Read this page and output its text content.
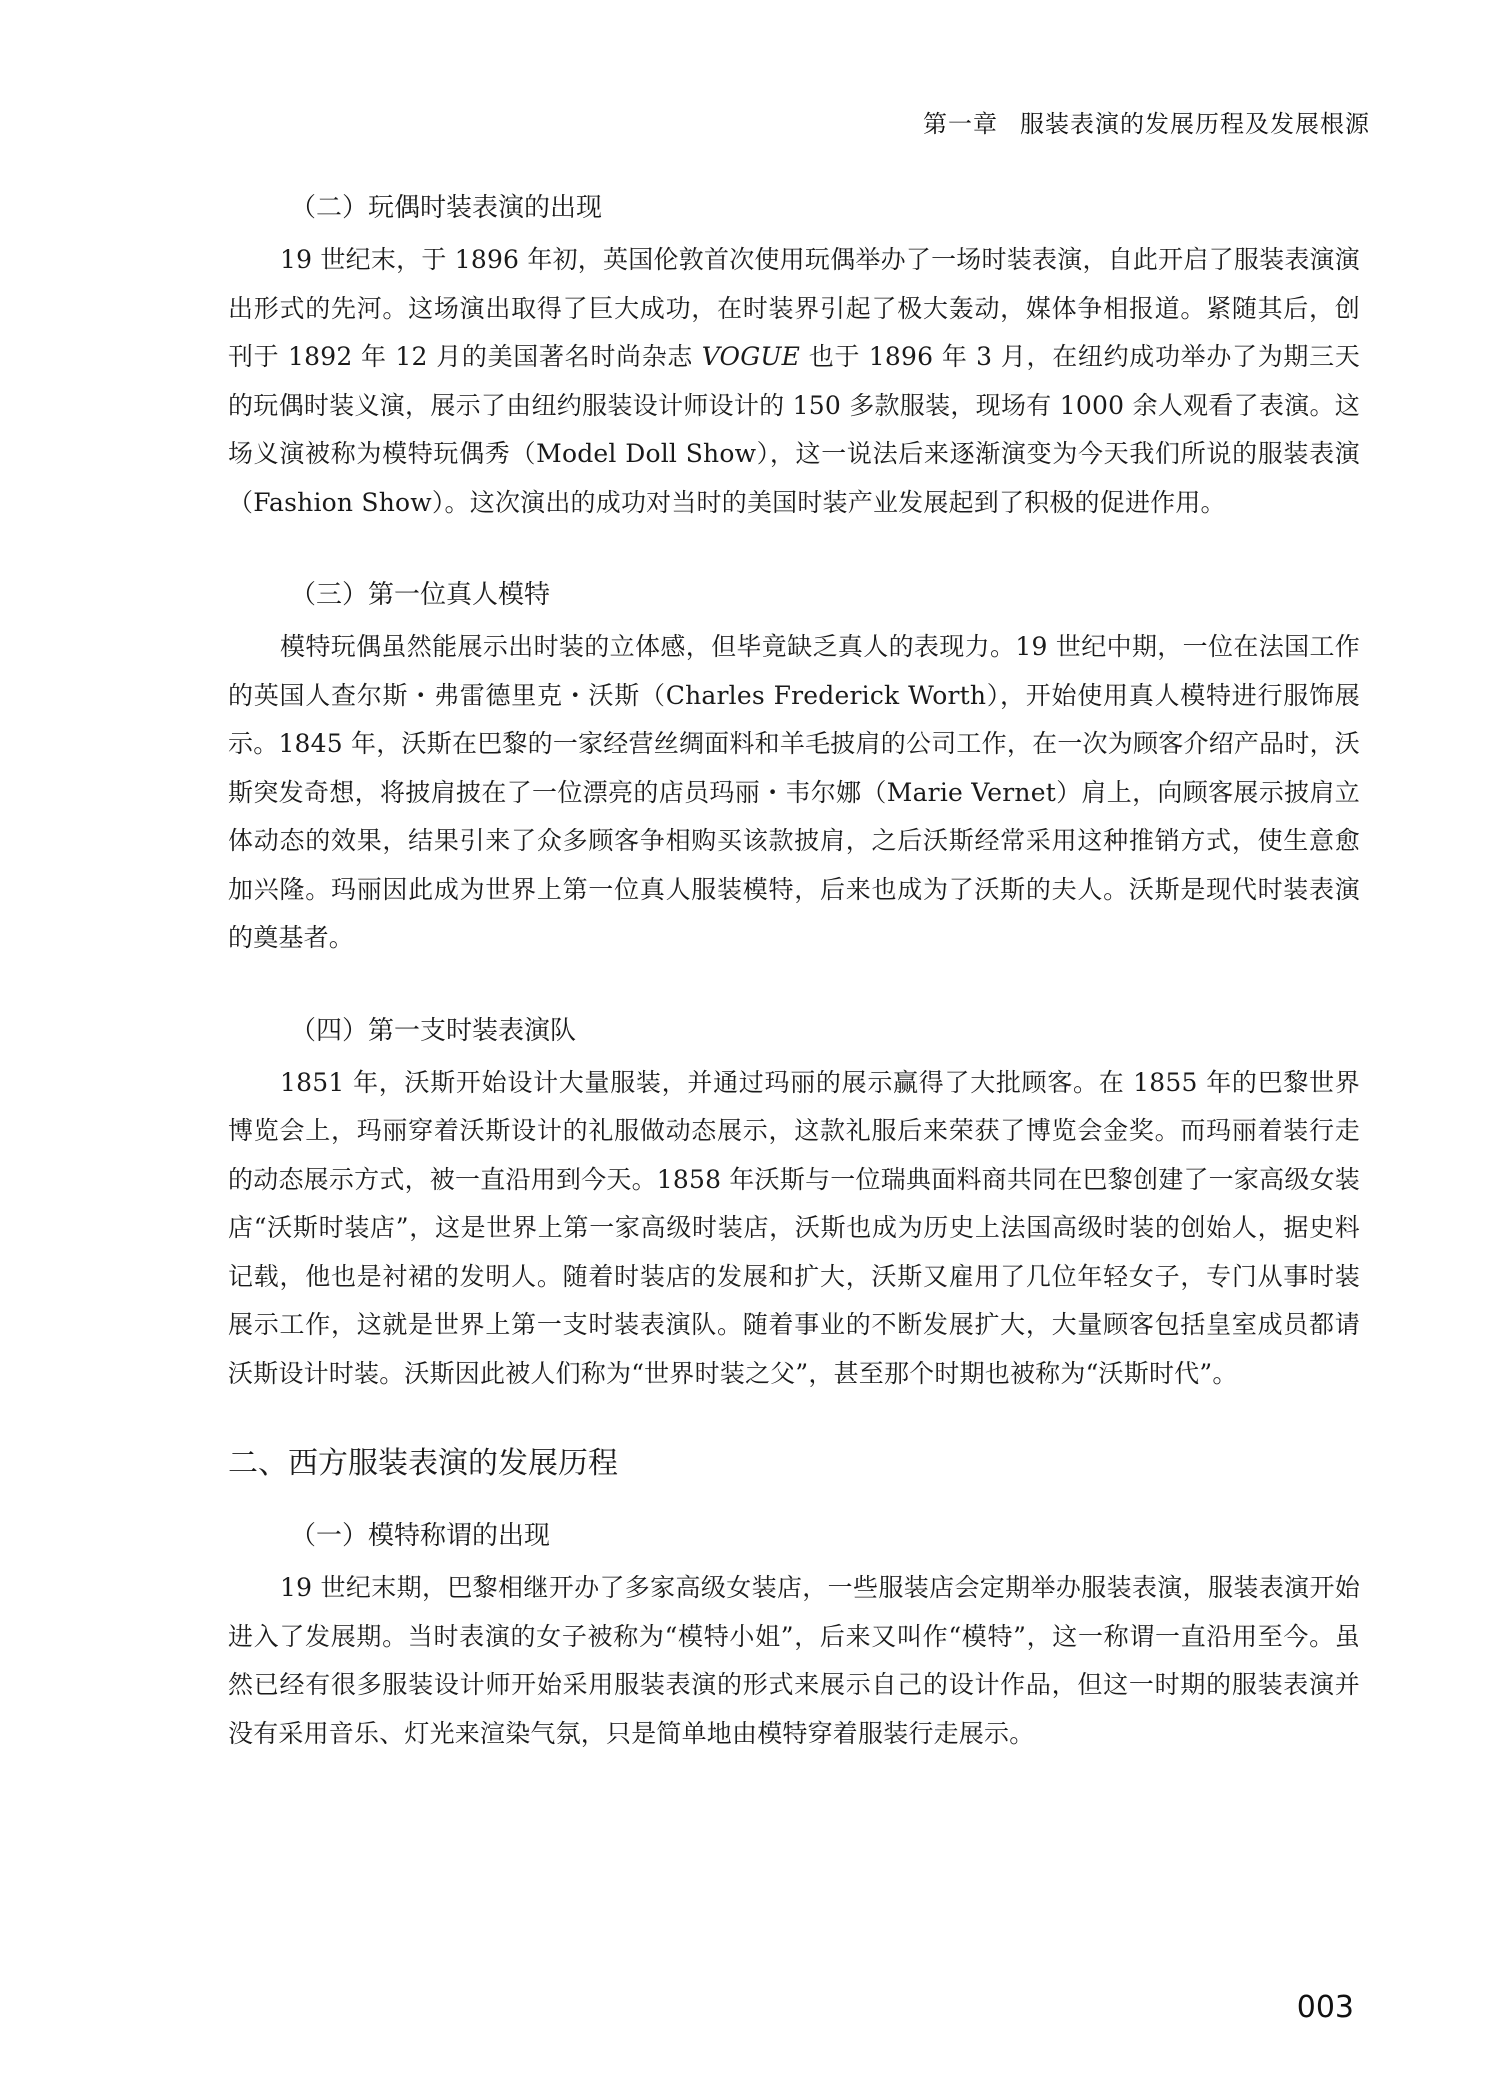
第一章 服装表演的发展历程及发展根源
（二）玩偶时装表演的出现

19 世纪末，于 1896 年初，英国伦敦首次使用玩偶举办了一场时装表演，自此开启了服装表演演出形式的先河。这场演出取得了巨大成功，在时装界引起了极大轰动，媒体争相报道。紧随其后，创刊于 1892 年 12 月的美国著名时尚杂志 VOGUE 也于 1896 年 3 月，在纽约成功举办了为期三天的玩偶时装义演，展示了由纽约服装设计师设计的 150 多款服装，现场有 1000 余人观看了表演。这场义演被称为模特玩偶秀（Model Doll Show），这一说法后来逐渐演变为今天我们所说的服装表演（Fashion Show）。这次演出的成功对当时的美国时装产业发展起到了积极的促进作用。

（三）第一位真人模特

模特玩偶虽然能展示出时装的立体感，但毕竟缺乏真人的表现力。19 世纪中期，一位在法国工作的英国人查尔斯・弗雷德里克・沃斯（Charles Frederick Worth），开始使用真人模特进行服饰展示。1845 年，沃斯在巴黎的一家经营丝绸面料和羊毛披肩的公司工作，在一次为顾客介绍产品时，沃斯突发奇想，将披肩披在了一位漂亮的店员玛丽・韦尔娜（Marie Vernet）肩上，向顾客展示披肩立体动态的效果，结果引来了众多顾客争相购买该款披肩，之后沃斯经常采用这种推销方式，使生意愈加兴隆。玛丽因此成为世界上第一位真人服装模特，后来也成为了沃斯的夫人。沃斯是现代时装表演的奠基者。

（四）第一支时装表演队

1851 年，沃斯开始设计大量服装，并通过玛丽的展示赢得了大批顾客。在 1855 年的巴黎世界博览会上，玛丽穿着沃斯设计的礼服做动态展示，这款礼服后来荣获了博览会金奖。而玛丽着装行走的动态展示方式，被一直沿用到今天。1858 年沃斯与一位瑞典面料商共同在巴黎创建了一家高级女装店“沃斯时装店”，这是世界上第一家高级时装店，沃斯也成为历史上法国高级时装的创始人，据史料记载，他也是衬裙的发明人。随着时装店的发展和扩大，沃斯又雇用了几位年轻女子，专门从事时装展示工作，这就是世界上第一支时装表演队。随着事业的不断发展扩大，大量顾客包括皇室成员都请沃斯设计时装。沃斯因此被人们称为“世界时装之父”，甚至那个时期也被称为“沃斯时代”。

二、西方服装表演的发展历程
（一）模特称谓的出现

19 世纪末期，巴黎相继开办了多家高级女装店，一些服装店会定期举办服装表演，服装表演开始进入了发展期。当时表演的女子被称为“模特小姐”，后来又叫作“模特”，这一称谓一直沿用至今。虽然已经有很多服装设计师开始采用服装表演的形式来展示自己的设计作品，但这一时期的服装表演并没有采用音乐、灯光来渲染气氛，只是简单地由模特穿着服装行走展示。

003
